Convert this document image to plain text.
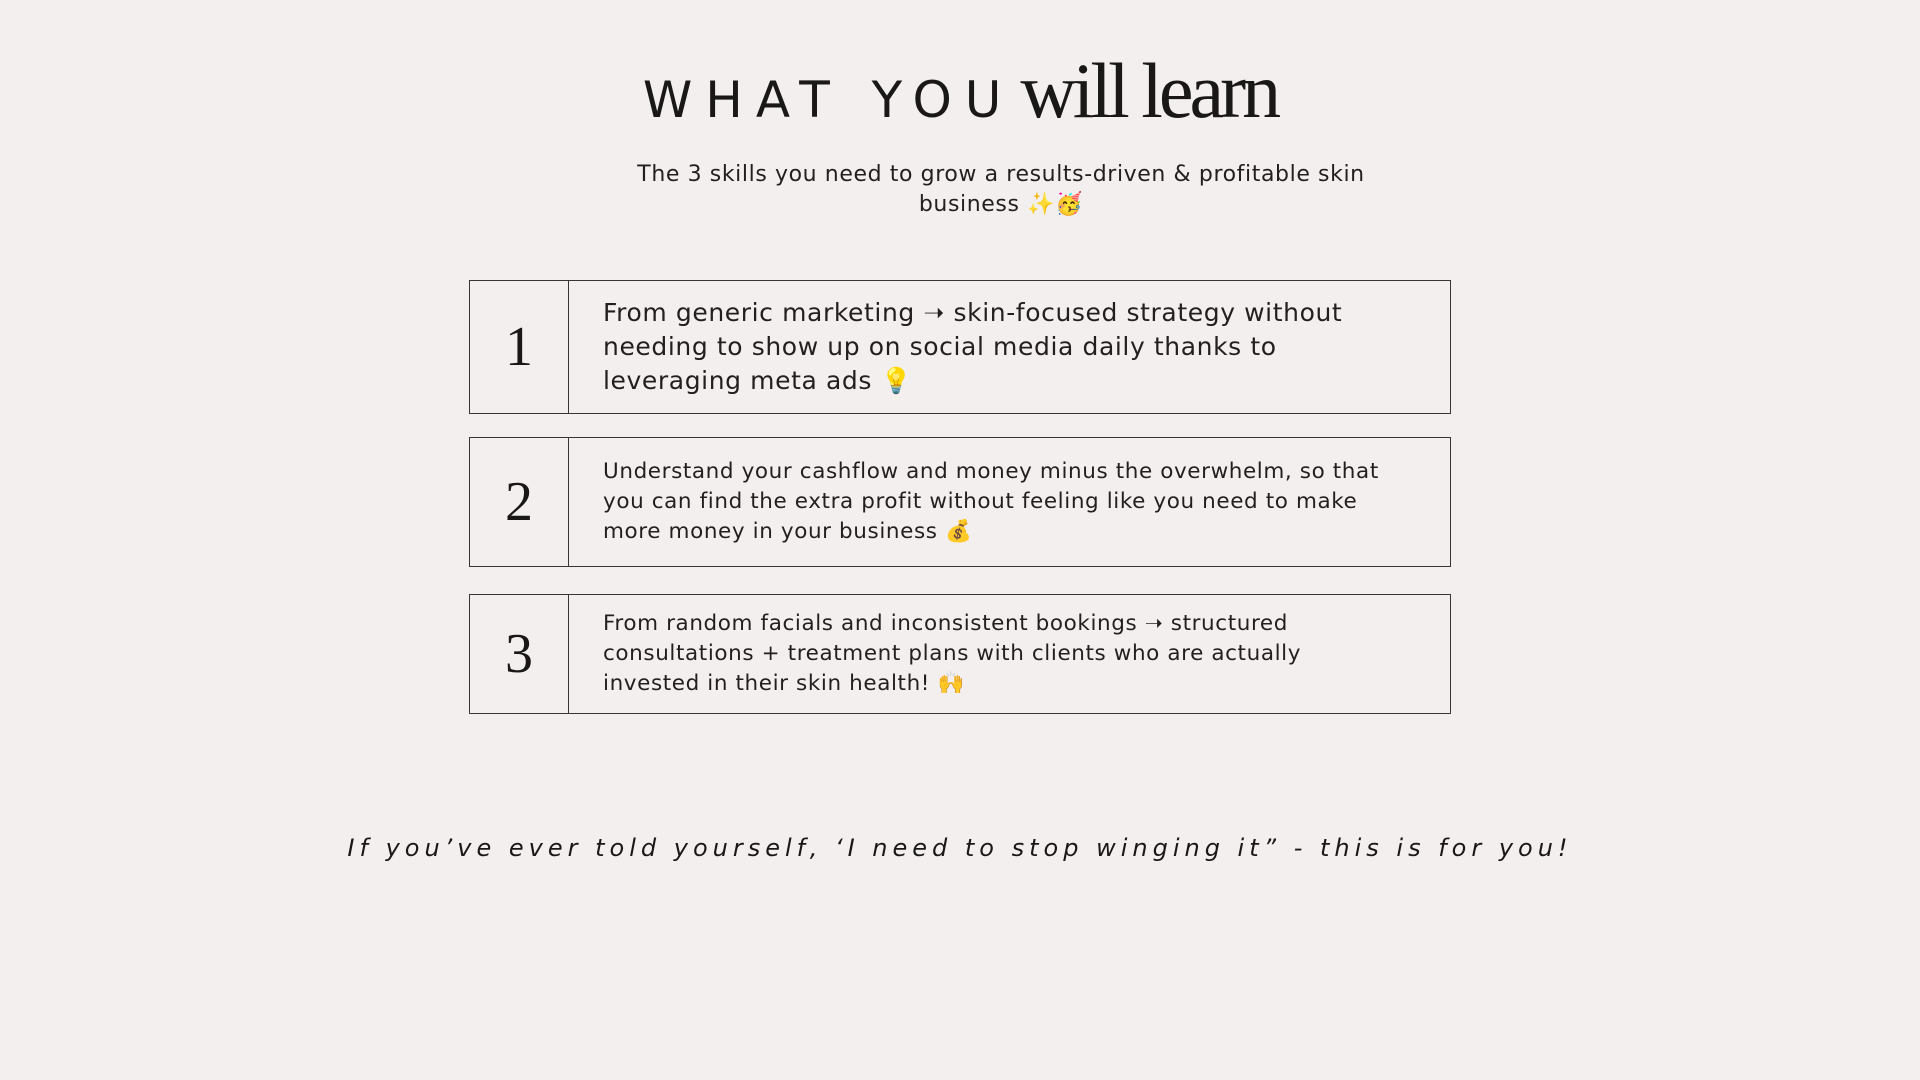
WHAT YOU will learn
The 3 skills you need to grow a results-driven & profitable skin business ✨🥳
1
From generic marketing ➝ skin-focused strategy without needing to show up on social media daily thanks to leveraging meta ads 💡
2	Understand your cashflow and money minus the overwhelm, so that you can find the extra profit without feeling like you need to make more money in your business 💰
3	From random facials and inconsistent bookings ➝ structured consultations + treatment plans with clients who are actually invested in their skin health! 🙌
If you’ve ever told yourself, ‘I need to stop winging it” - this is for you!
